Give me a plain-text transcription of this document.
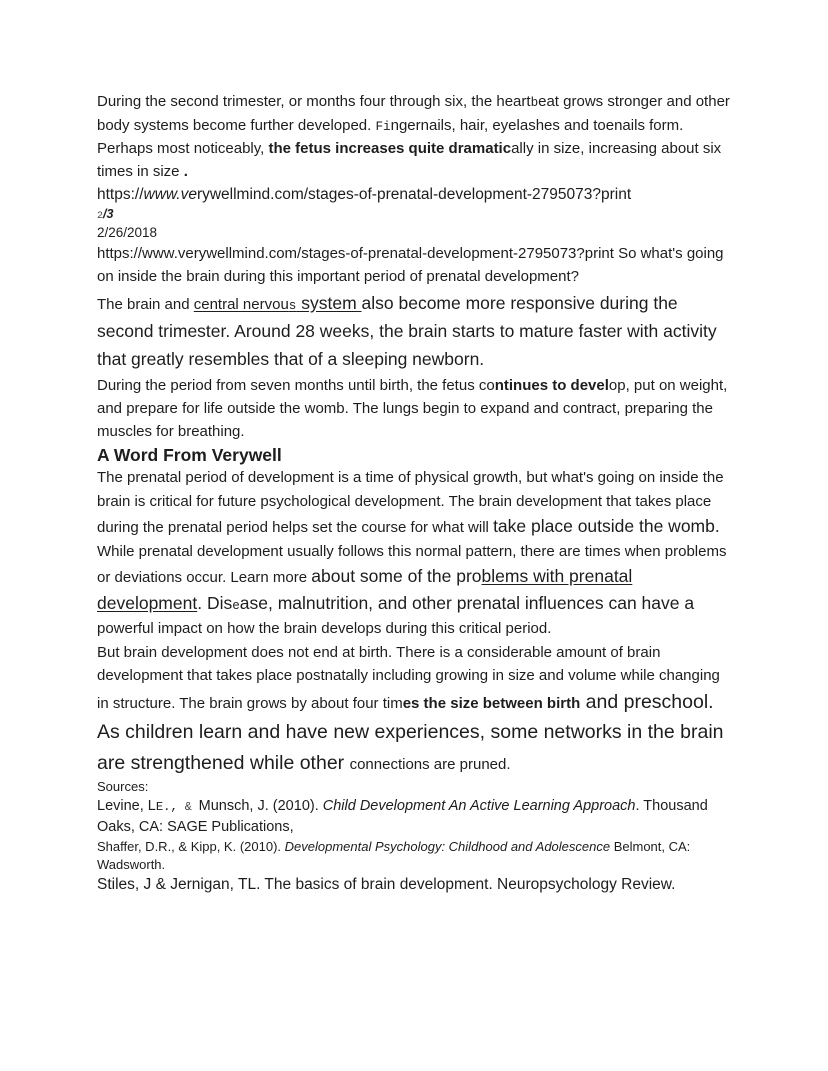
During the second trimester, or months four through six, the heartbeat grows stronger and other body systems become further developed. Fingernails, hair, eyelashes and toenails form. Perhaps most noticeably, the fetus increases quite dramatically in size, increasing about six times in size .

https://www.verywellmind.com/stages-of-prenatal-development-2795073?print

2/3

2/26/2018

https://www.verywellmind.com/stages-of-prenatal-development-2795073?print So what's going on inside the brain during this important period of prenatal development?

The brain and central nervous system also become more responsive during the second trimester. Around 28 weeks, the brain starts to mature faster with activity that greatly resembles that of a sleeping newborn.

During the period from seven months until birth, the fetus continues to develop, put on weight, and prepare for life outside the womb. The lungs begin to expand and contract, preparing the muscles for breathing.

A Word From Verywell

The prenatal period of development is a time of physical growth, but what's going on inside the brain is critical for future psychological development. The brain development that takes place during the prenatal period helps set the course for what will take place outside the womb.

While prenatal development usually follows this normal pattern, there are times when problems or deviations occur. Learn more about some of the problems with prenatal development. Disease, malnutrition, and other prenatal influences can have a powerful impact on how the brain develops during this critical period.

But brain development does not end at birth. There is a considerable amount of brain development that takes place postnatally including growing in size and volume while changing in structure. The brain grows by about four times the size between birth and preschool. As children learn and have new experiences, some networks in the brain are strengthened while other connections are pruned.

Sources:

Levine, LE., & Munsch, J. (2010). Child Development An Active Learning Approach. Thousand Oaks, CA: SAGE Publications,

Shaffer, D.R., & Kipp, K. (2010). Developmental Psychology: Childhood and Adolescence Belmont, CA: Wadsworth.

Stiles, J & Jernigan, TL. The basics of brain development. Neuropsychology Review.
